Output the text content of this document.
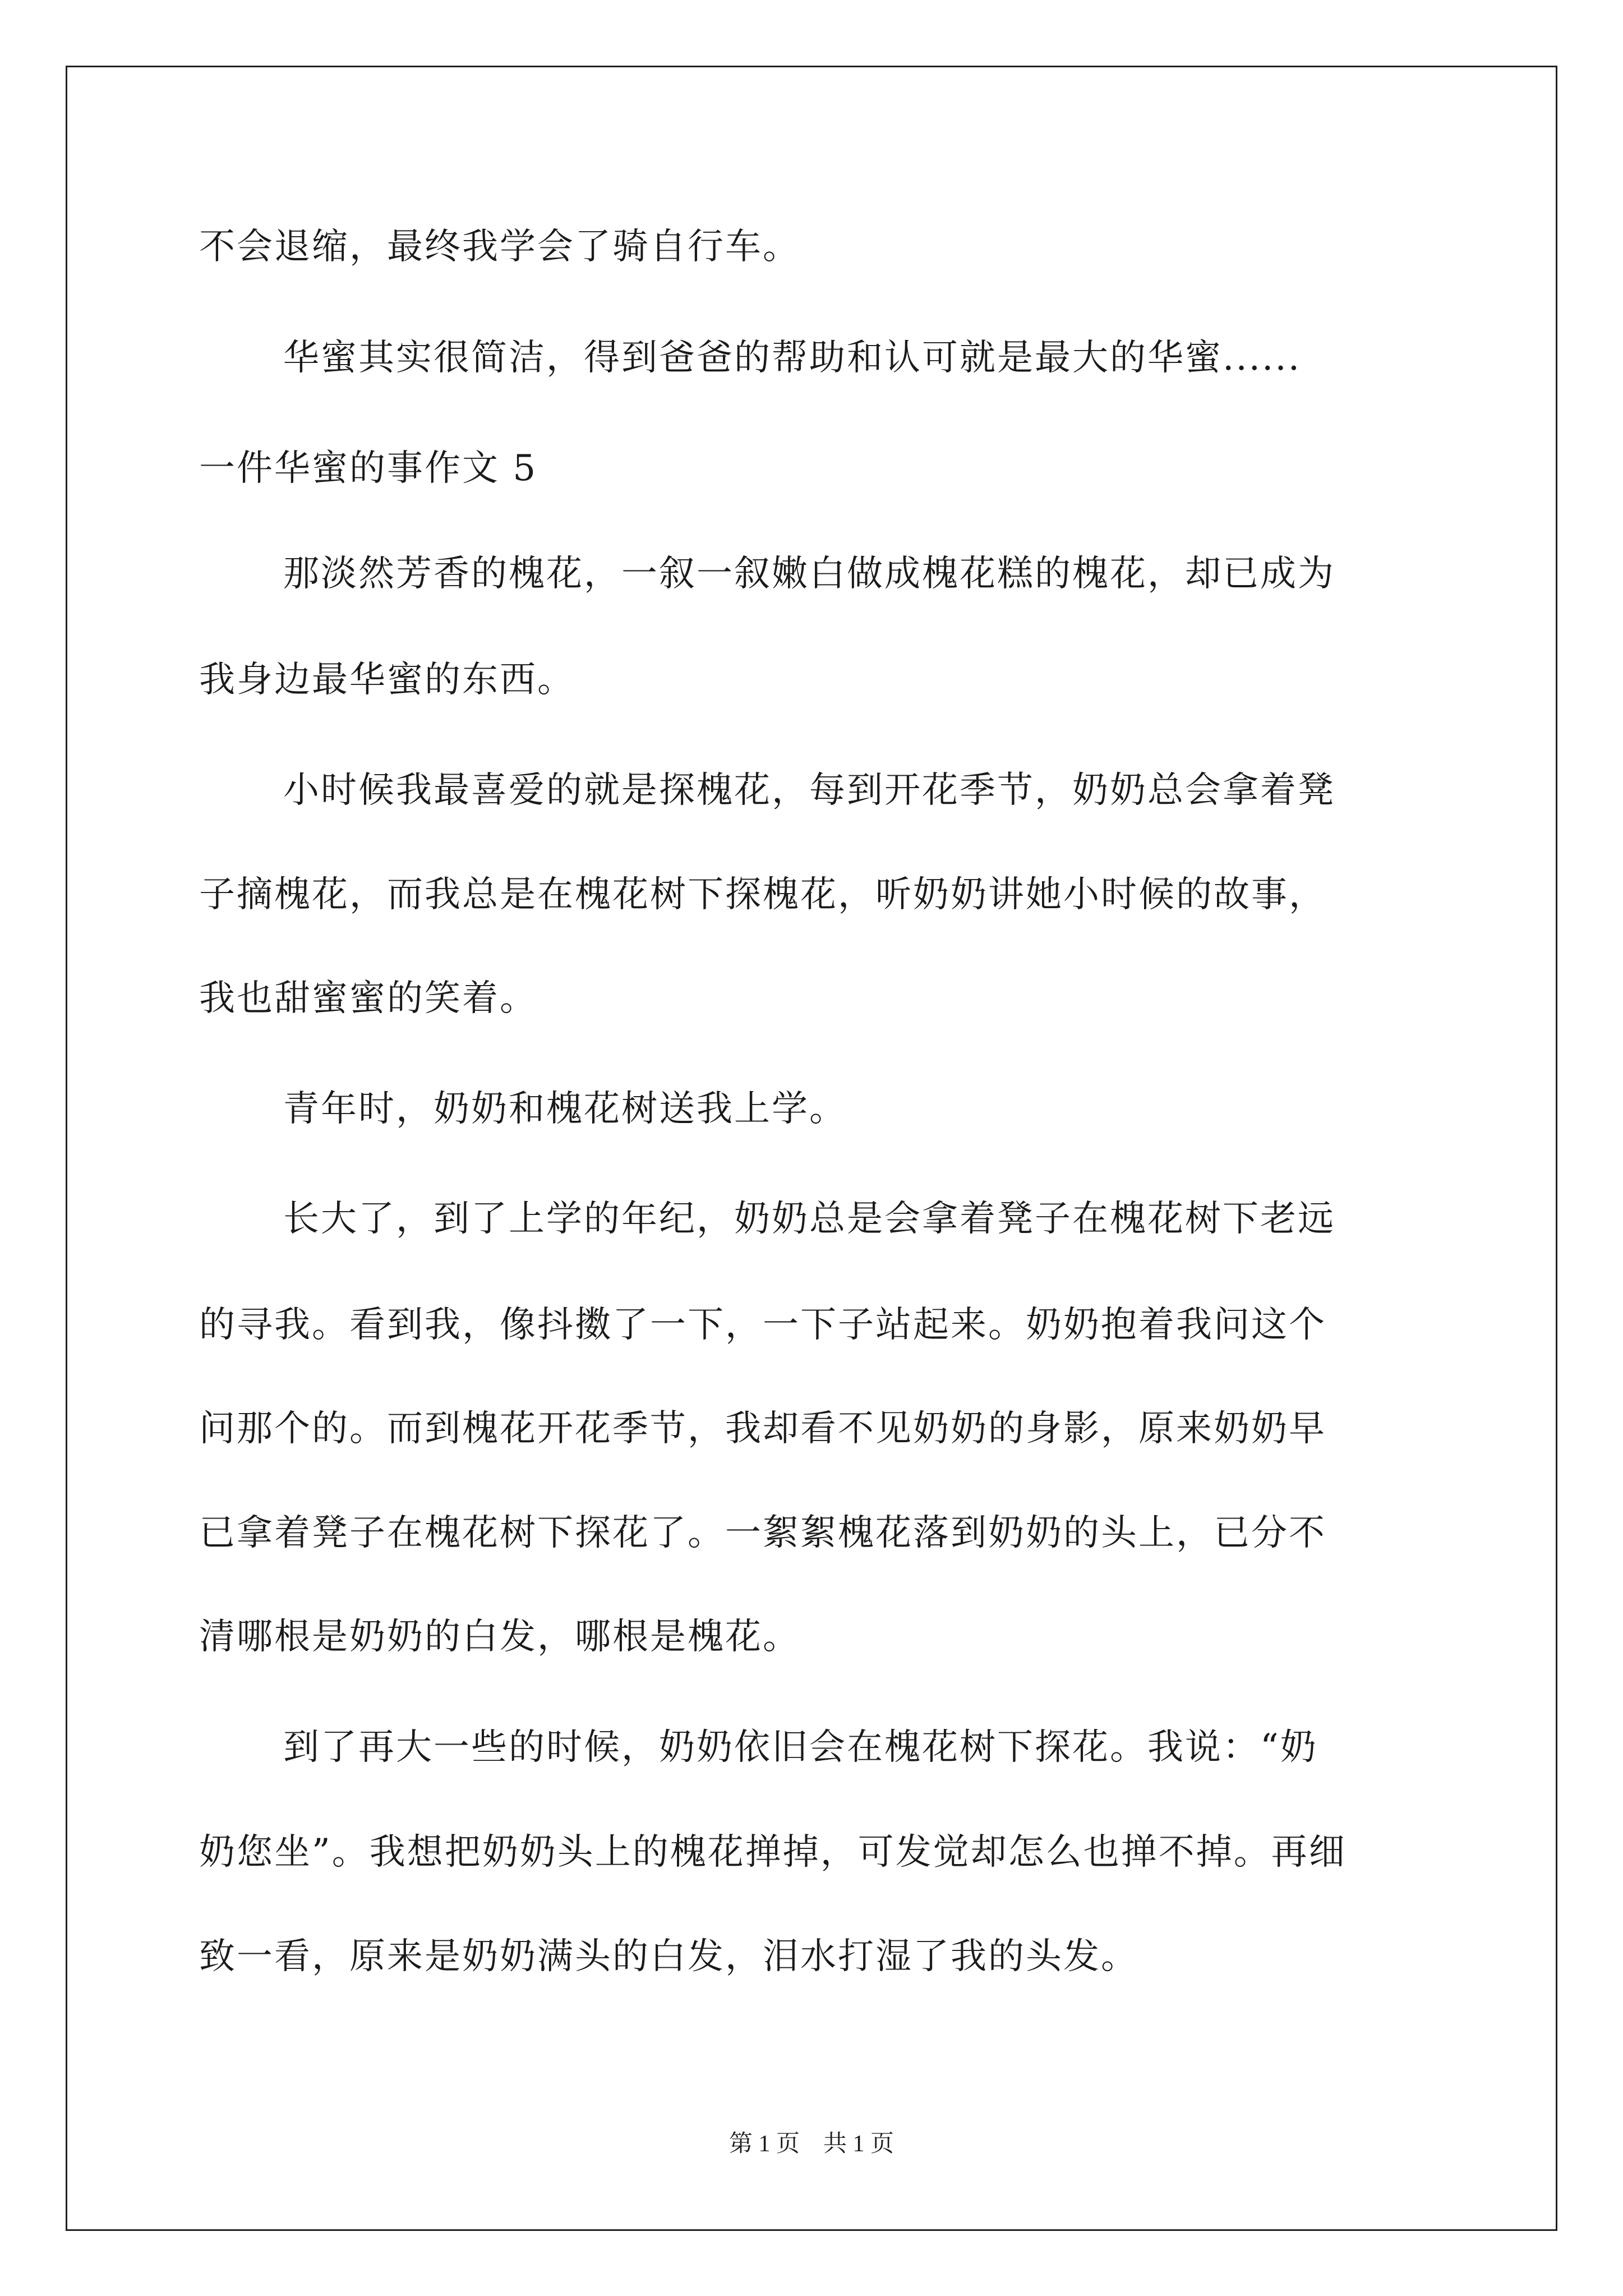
不会退缩，最终我学会了骑自行车。
华蜜其实很简洁，得到爸爸的帮助和认可就是最大的华蜜......
一件华蜜的事作文 5
那淡然芳香的槐花，一叙一叙嫩白做成槐花糕的槐花，却已成为
我身边最华蜜的东西。
小时候我最喜爱的就是探槐花，每到开花季节，奶奶总会拿着凳
子摘槐花，而我总是在槐花树下探槐花，听奶奶讲她小时候的故事，
我也甜蜜蜜的笑着。
青年时，奶奶和槐花树送我上学。
长大了，到了上学的年纪，奶奶总是会拿着凳子在槐花树下老远
的寻我。看到我，像抖擞了一下，一下子站起来。奶奶抱着我问这个
问那个的。而到槐花开花季节，我却看不见奶奶的身影，原来奶奶早
已拿着凳子在槐花树下探花了。一絮絮槐花落到奶奶的头上，已分不
清哪根是奶奶的白发，哪根是槐花。
到了再大一些的时候，奶奶依旧会在槐花树下探花。我说：“奶
奶您坐”。我想把奶奶头上的槐花掸掉，可发觉却怎么也掸不掉。再细
致一看，原来是奶奶满头的白发，泪水打湿了我的头发。
第 1 页 共 1 页
